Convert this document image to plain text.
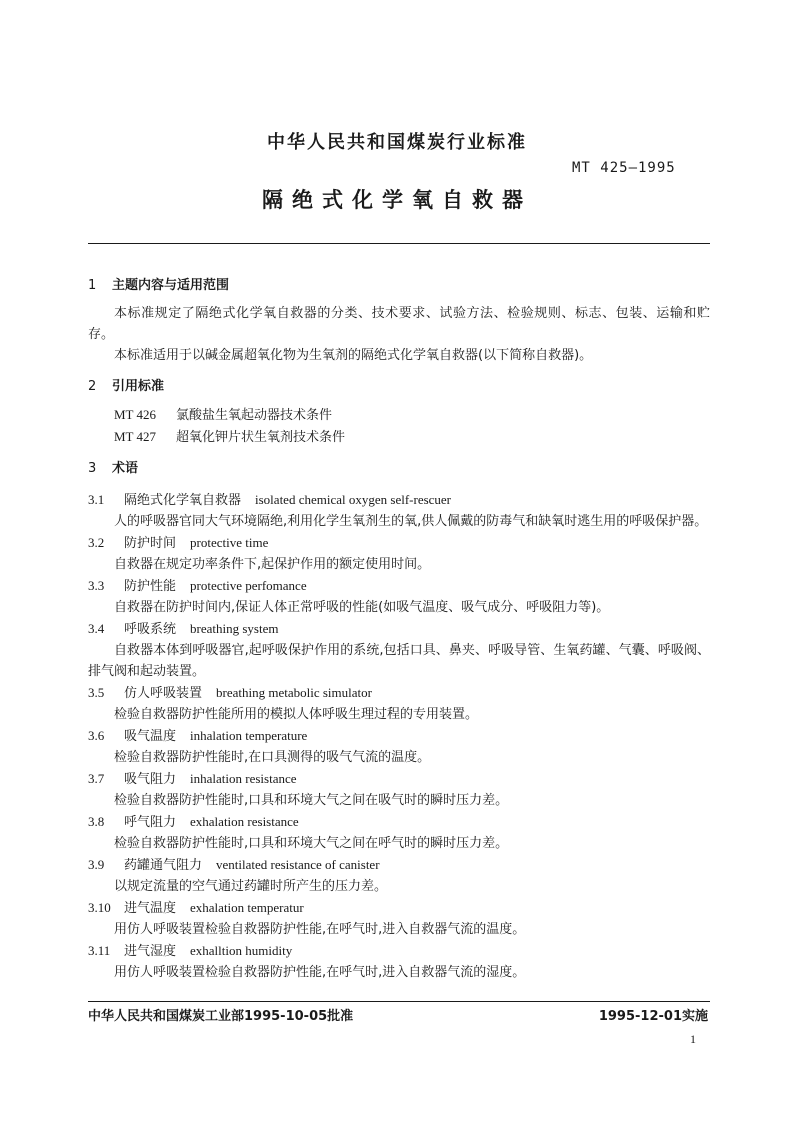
中华人民共和国煤炭行业标准
MT 425—1995
隔绝式化学氧自救器

1 主题内容与适用范围

本标准规定了隔绝式化学氧自救器的分类、技术要求、试验方法、检验规则、标志、包装、运输和贮存。

本标准适用于以碱金属超氧化物为生氧剂的隔绝式化学氧自救器(以下简称自救器)。

2 引用标准

MT 426 氯酸盐生氧起动器技术条件

MT 427 超氧化钾片状生氧剂技术条件

3 术语

3.1 隔绝式化学氧自救器 isolated chemical oxygen self-rescuer

人的呼吸器官同大气环境隔绝,利用化学生氧剂生的氧,供人佩戴的防毒气和缺氧时逃生用的呼吸保护器。

3.2 防护时间 protective time

自救器在规定功率条件下,起保护作用的额定使用时间。

3.3 防护性能 protective perfomance

自救器在防护时间内,保证人体正常呼吸的性能(如吸气温度、吸气成分、呼吸阻力等)。

3.4 呼吸系统 breathing system

自救器本体到呼吸器官,起呼吸保护作用的系统,包括口具、鼻夹、呼吸导管、生氧药罐、气囊、呼吸阀、排气阀和起动装置。

3.5 仿人呼吸装置 breathing metabolic simulator

检验自救器防护性能所用的模拟人体呼吸生理过程的专用装置。

3.6 吸气温度 inhalation temperature

检验自救器防护性能时,在口具测得的吸气气流的温度。

3.7 吸气阻力 inhalation resistance

检验自救器防护性能时,口具和环境大气之间在吸气时的瞬时压力差。

3.8 呼气阻力 exhalation resistance

检验自救器防护性能时,口具和环境大气之间在呼气时的瞬时压力差。

3.9 药罐通气阻力 ventilated resistance of canister

以规定流量的空气通过药罐时所产生的压力差。

3.10 进气温度 exhalation temperatur

用仿人呼吸装置检验自救器防护性能,在呼气时,进入自救器气流的温度。

3.11 进气湿度 exhalltion humidity

用仿人呼吸装置检验自救器防护性能,在呼气时,进入自救器气流的湿度。

中华人民共和国煤炭工业部1995-10-05批准	1995-12-01实施
1
